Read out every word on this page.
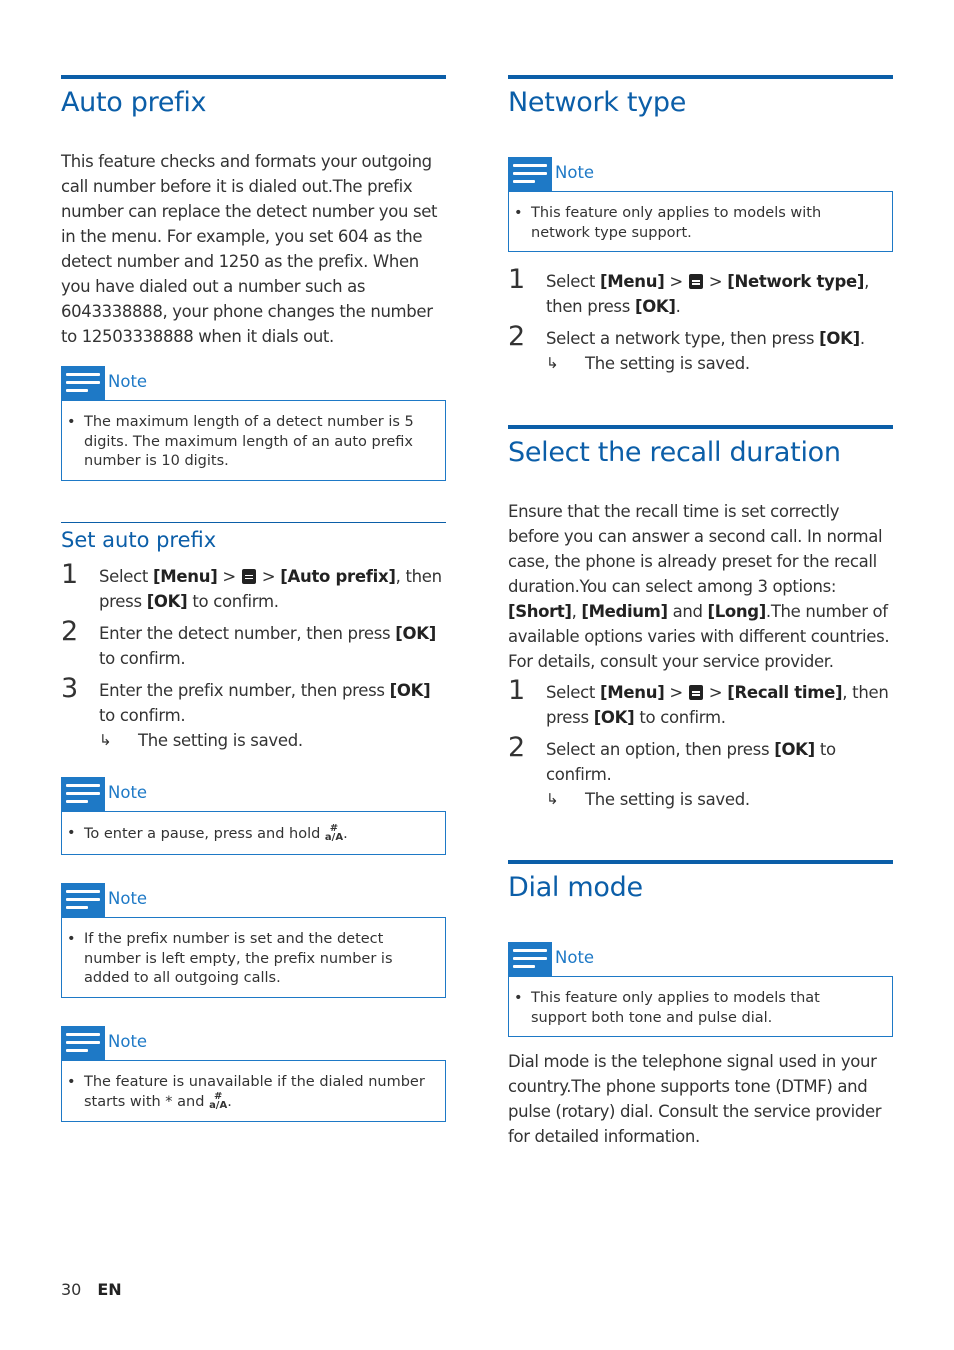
Auto prefix

This feature checks and formats your outgoing call number before it is dialed out.The prefix number can replace the detect number you set in the menu. For example, you set 604 as the detect number and 1250 as the prefix. When you have dialed out a number such as 6043338888, your phone changes the number to 12503338888 when it dials out.

Note
• The maximum length of a detect number is 5 digits. The maximum length of an auto prefix number is 10 digits.
Set auto prefix
1 Select [Menu] >  > [Auto prefix], then press [OK] to confirm.
2 Enter the detect number, then press [OK] to confirm.
3 Enter the prefix number, then press [OK] to confirm.
↳ The setting is saved.
Note
• To enter a pause, press and hold #
a/A.
Note
• If the prefix number is set and the detect number is left empty, the prefix number is added to all outgoing calls.
Note
• The feature is unavailable if the dialed number starts with * and #
a/A.
Network type
Note
• This feature only applies to models with network type support.
1 Select [Menu] >  > [Network type], then press [OK].
2 Select a network type, then press [OK].
↳ The setting is saved.
Select the recall duration

Ensure that the recall time is set correctly before you can answer a second call. In normal case, the phone is already preset for the recall duration.You can select among 3 options: [Short], [Medium] and [Long].The number of available options varies with different countries. For details, consult your service provider.

1 Select [Menu] >  > [Recall time], then press [OK] to confirm.
2 Select an option, then press [OK] to confirm.
↳ The setting is saved.
Dial mode
Note
• This feature only applies to models that support both tone and pulse dial.

Dial mode is the telephone signal used in your country.The phone supports tone (DTMF) and pulse (rotary) dial. Consult the service provider for detailed information.

30 EN
